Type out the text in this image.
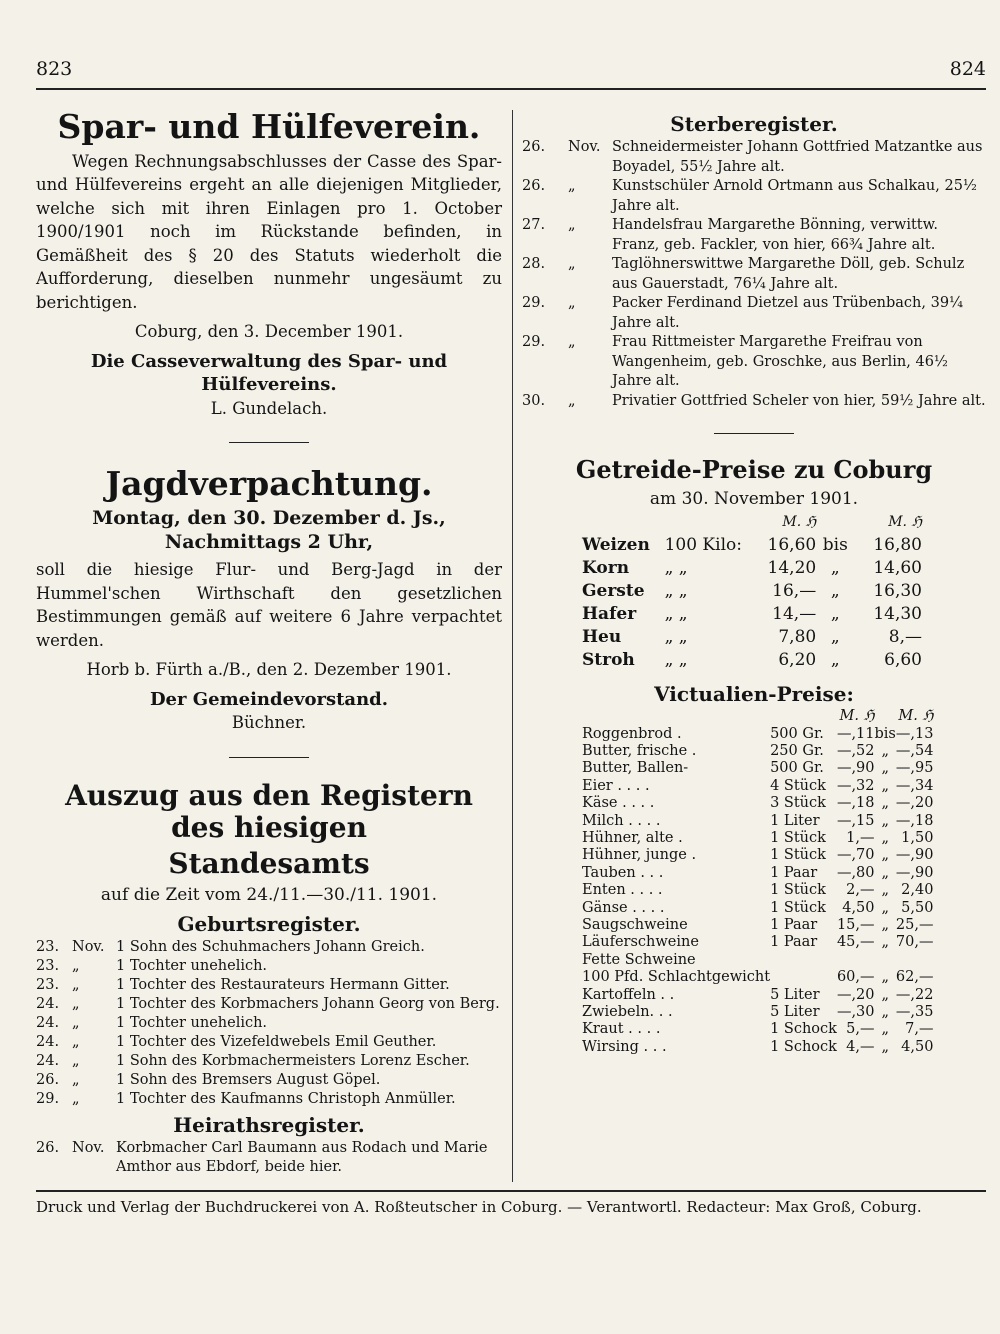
823	824
Spar- und Hülfeverein.

Wegen Rechnungsabschlusses der Casse des Spar- und Hülfevereins ergeht an alle diejenigen Mitglieder, welche sich mit ihren Einlagen pro 1. October 1900/1901 noch im Rückstande befinden, in Gemäßheit des § 20 des Statuts wiederholt die Aufforderung, dieselben nunmehr ungesäumt zu berichtigen.

Coburg, den 3. December 1901.

Die Casseverwaltung des Spar- und Hülfevereins.

L. Gundelach.

Jagdverpachtung.

Montag, den 30. Dezember d. Js.,

Nachmittags 2 Uhr,

soll die hiesige Flur- und Berg-Jagd in der Hummel'schen Wirthschaft den gesetzlichen Bestimmungen gemäß auf weitere 6 Jahre verpachtet werden.

Horb b. Fürth a./B., den 2. Dezember 1901.

Der Gemeindevorstand.

Büchner.

Auszug aus den Registern des hiesigen
Standesamts

auf die Zeit vom 24./11.—30./11. 1901.

Geburtsregister.
23. Nov. 1 Sohn des Schuhmachers Johann Greich.
23. „	1 Tochter unehelich.
23. „	1 Tochter des Restaurateurs Hermann Gitter.
24. „	1 Tochter des Korbmachers Johann Georg von Berg.
24. „	1 Tochter unehelich.
24. „	1 Tochter des Vizefeldwebels Emil Geuther.
24. „	1 Sohn des Korbmachermeisters Lorenz Escher.
26. „	1 Sohn des Bremsers August Göpel.
29. „	1 Tochter des Kaufmanns Christoph Anmüller.
Heirathsregister.
26. Nov. Korbmacher Carl Baumann aus Rodach und Marie Amthor aus Ebdorf, beide hier.
Sterberegister.
26.	Nov. Schneidermeister Johann Gottfried Matzantke aus Boyadel, 55½ Jahre alt.
26.	„	Kunstschüler Arnold Ortmann aus Schalkau, 25⅟₂ Jahre alt.
27.	„	Handelsfrau Margarethe Bönning, verwittw. Franz, geb. Fackler, von hier, 66¾ Jahre alt.
28.	„	Taglöhnerswittwe Margarethe Döll, geb. Schulz aus Gauerstadt, 76¼ Jahre alt.
29.	„	Packer Ferdinand Dietzel aus Trübenbach, 39¼ Jahre alt.
29.	„	Frau Rittmeister Margarethe Freifrau von Wangenheim, geb. Groschke, aus Berlin, 46½ Jahre alt.
30.	„	Privatier Gottfried Scheler von hier, 59½ Jahre alt.
Getreide-Preise zu Coburg

am 30. November 1901.

		M. ℌ		M. ℌ
Weizen	100 Kilo:	16,60	bis	16,80
Korn	„ „	14,20	„	14,60
Gerste	„ „	16,—	„	16,30
Hafer	„ „	14,—	„	14,30
Heu	„ „	7,80	„	8,—
Stroh	„ „	6,20	„	6,60
Victualien-Preise:
		M. ℌ		M. ℌ
Roggenbrod .	500 Gr.	—,11	bis	—,13
Butter, frische .	250 Gr.	—,52	„	—,54
Butter, Ballen-	500 Gr.	—,90	„	—,95
Eier . . . .	4 Stück	—,32	„	—,34
Käse . . . .	3 Stück	—,18	„	—,20
Milch . . . .	1 Liter	—,15	„	—,18
Hühner, alte .	1 Stück	1,—	„	1,50
Hühner, junge .	1 Stück	—,70	„	—,90
Tauben . . .	1 Paar	—,80	„	—,90
Enten . . . .	1 Stück	2,—	„	2,40
Gänse . . . .	1 Stück	4,50	„	5,50
Saugschweine	1 Paar	15,—	„	25,—
Läuferschweine	1 Paar	45,—	„	70,—
Fette Schweine				
100 Pfd. Schlachtgewicht		60,—	„	62,—
Kartoffeln . .	5 Liter	—,20	„	—,22
Zwiebeln. . .	5 Liter	—,30	„	—,35
Kraut . . . .	1 Schock	5,—	„	7,—
Wirsing . . .	1 Schock	4,—	„	4,50
Druck und Verlag der Buchdruckerei von A. Roßteutscher in Coburg. — Verantwortl. Redacteur: Max Groß, Coburg.
